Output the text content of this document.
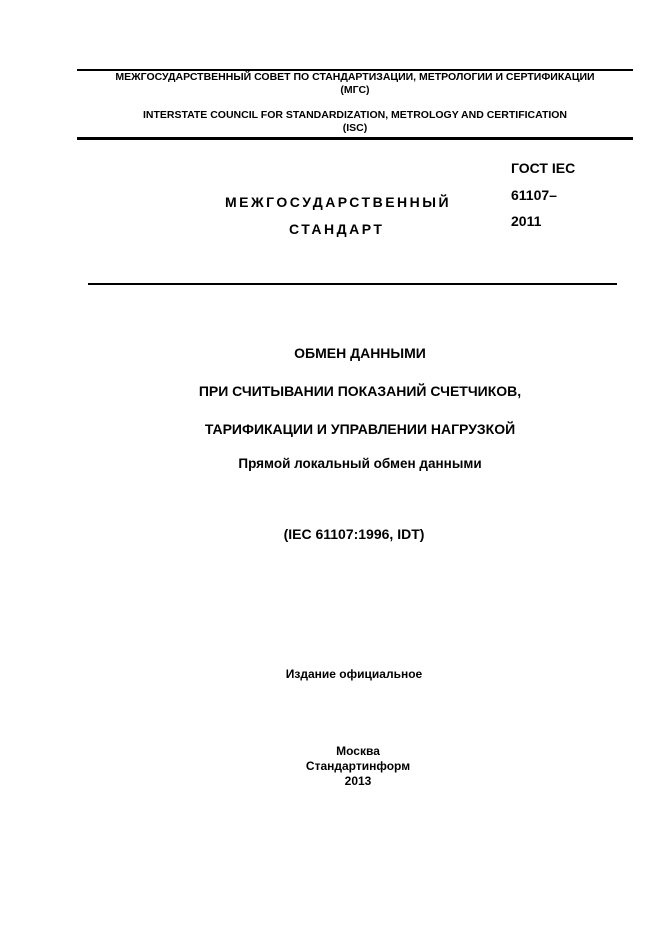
МЕЖГОСУДАРСТВЕННЫЙ СОВЕТ ПО СТАНДАРТИЗАЦИИ, МЕТРОЛОГИИ И СЕРТИФИКАЦИИ
(МГС)
INTERSTATE COUNCIL FOR STANDARDIZATION, METROLOGY AND CERTIFICATION
(ISC)
МЕЖГОСУДАРСТВЕННЫЙ
СТАНДАРТ
ГОСТ IEC
61107–
2011
ОБМЕН ДАННЫМИ
ПРИ СЧИТЫВАНИИ ПОКАЗАНИЙ СЧЕТЧИКОВ,
ТАРИФИКАЦИИ И УПРАВЛЕНИИ НАГРУЗКОЙ
Прямой локальный обмен данными
(IEC 61107:1996, IDT)
Издание официальное
Москва
Стандартинформ
2013
